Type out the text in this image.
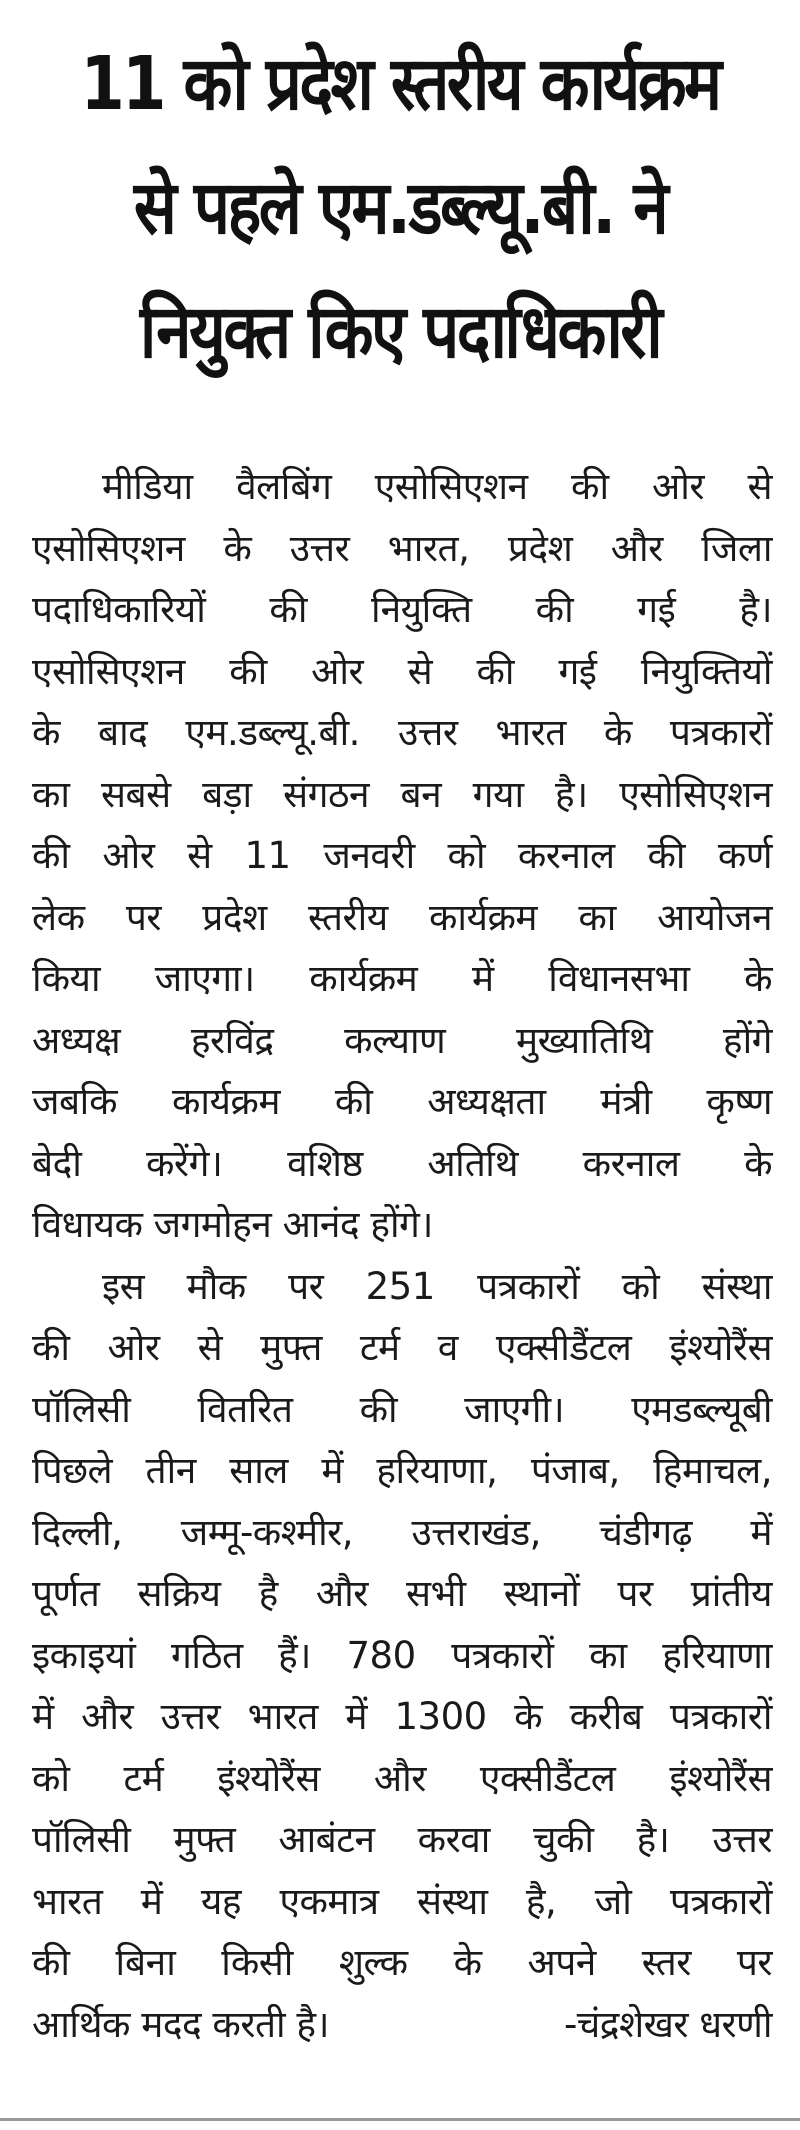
11 को प्रदेश स्तरीय कार्यक्रम
से पहले एम.डब्ल्यू.बी. ने
नियुक्त किए पदाधिकारी
मीडिया वैलबिंग एसोसिएशन की ओर से
एसोसिएशन के उत्तर भारत, प्रदेश और जिला
पदाधिकारियों की नियुक्ति की गई है।
एसोसिएशन की ओर से की गई नियुक्तियों
के बाद एम.डब्ल्यू.बी. उत्तर भारत के पत्रकारों
का सबसे बड़ा संगठन बन गया है। एसोसिएशन
की ओर से 11 जनवरी को करनाल की कर्ण
लेक पर प्रदेश स्तरीय कार्यक्रम का आयोजन
किया जाएगा। कार्यक्रम में विधानसभा के
अध्यक्ष हरविंद्र कल्याण मुख्यातिथि होंगे
जबकि कार्यक्रम की अध्यक्षता मंत्री कृष्ण
बेदी करेंगे। वशिष्ठ अतिथि करनाल के
विधायक जगमोहन आनंद होंगे।
इस मौक पर 251 पत्रकारों को संस्था
की ओर से मुफ्त टर्म व एक्सीडैंटल इंश्योरैंस
पॉलिसी वितरित की जाएगी। एमडब्ल्यूबी
पिछले तीन साल में हरियाणा, पंजाब, हिमाचल,
दिल्ली, जम्मू-कश्मीर, उत्तराखंड, चंडीगढ़ में
पूर्णत सक्रिय है और सभी स्थानों पर प्रांतीय
इकाइयां गठित हैं। 780 पत्रकारों का हरियाणा
में और उत्तर भारत में 1300 के करीब पत्रकारों
को टर्म इंश्योरैंस और एक्सीडैंटल इंश्योरैंस
पॉलिसी मुफ्त आबंटन करवा चुकी है। उत्तर
भारत में यह एकमात्र संस्था है, जो पत्रकारों
की बिना किसी शुल्क के अपने स्तर पर
आर्थिक मदद करती है।	-चंद्रशेखर धरणी
